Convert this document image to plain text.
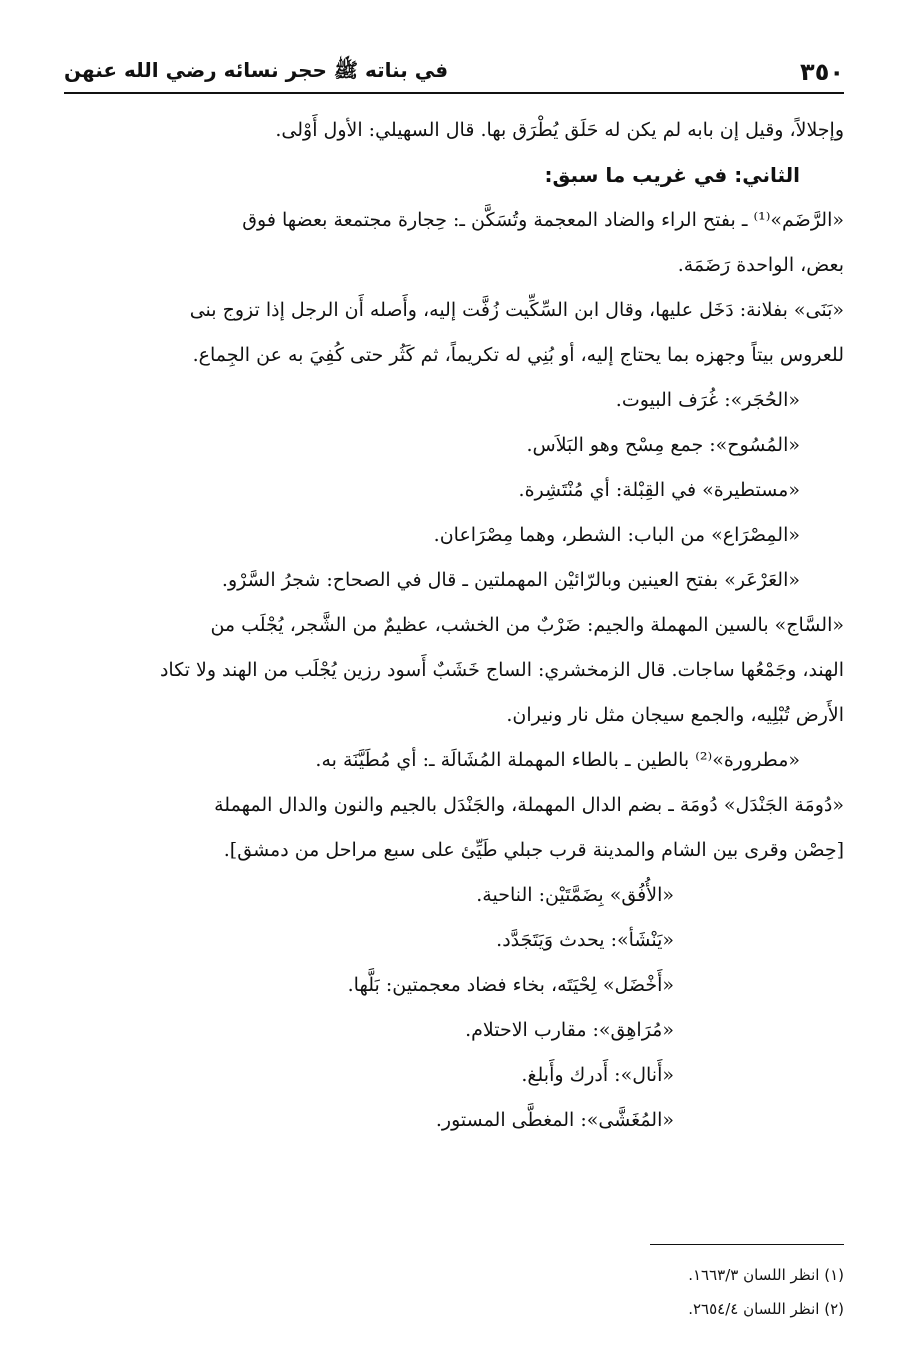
٣٥٠
في بناته ﷺ حجر نسائه رضي الله عنهن

وإجلالاً، وقيل إن بابه لم يكن له حَلَق يُطْرَق بها. قال السهيلي: الأول أَوْلى.

الثاني: في غريب ما سبق:

«الرَّضَم»⁽¹⁾ ـ بفتح الراء والضاد المعجمة وتُسَكَّن ـ: حِجارة مجتمعة بعضها فوق

بعض، الواحدة رَضَمَة.

«بَنَى» بفلانة: دَخَل عليها، وقال ابن السِّكِّيت زُفَّت إليه، وأَصله أَن الرجل إذا تزوج بنى

للعروس بيتاً وجهزه بما يحتاج إليه، أو بُنِي له تكريماً، ثم كَثُر حتى كُفِيَ به عن الجِماع.

«الحُجَر»: غُرَف البيوت.

«المُسُوح»: جمع مِسْح وهو البَلاَس.

«مستطيرة» في القِبْلة: أي مُنْتَشِرة.

«المِصْرَاع» من الباب: الشطر، وهما مِصْرَاعان.

«العَرْعَر» بفتح العينين وبالرّائيْن المهملتين ـ قال في الصحاح: شجرُ السَّرْو.

«السَّاج» بالسين المهملة والجيم: ضَرْبٌ من الخشب، عظيمٌ من الشَّجر، يُجْلَب من

الهند، وجَمْعُها ساجات. قال الزمخشري: الساج خَشَبٌ أَسود رزين يُجْلَب من الهند ولا تكاد

الأَرض تُبْلِيه، والجمع سيجان مثل نار ونيران.

«مطرورة»⁽²⁾ بالطين ـ بالطاء المهملة المُشَالَة ـ: أي مُطَيَّنَة به.

«دُومَة الجَنْدَل» دُومَة ـ بضم الدال المهملة، والجَنْدَل بالجيم والنون والدال المهملة

[حِصْن وقرى بين الشام والمدينة قرب جبلي طَيِّئ على سبع مراحل من دمشق].

«الأُفُق» بِضَمَّتَيْن: الناحية.

«يَنْشَأ»: يحدث وَيَتَجَدَّد.

«أَخْضَل» لِحْيَتَه، بخاء فضاد معجمتين: بَلَّها.

«مُرَاهِق»: مقارب الاحتلام.

«أَنال»: أَدرك وأَبلغ.

«المُغَشَّى»: المغطَّى المستور.

(١) انظر اللسان ١٦٦٣/٣.

(٢) انظر اللسان ٢٦٥٤/٤.
